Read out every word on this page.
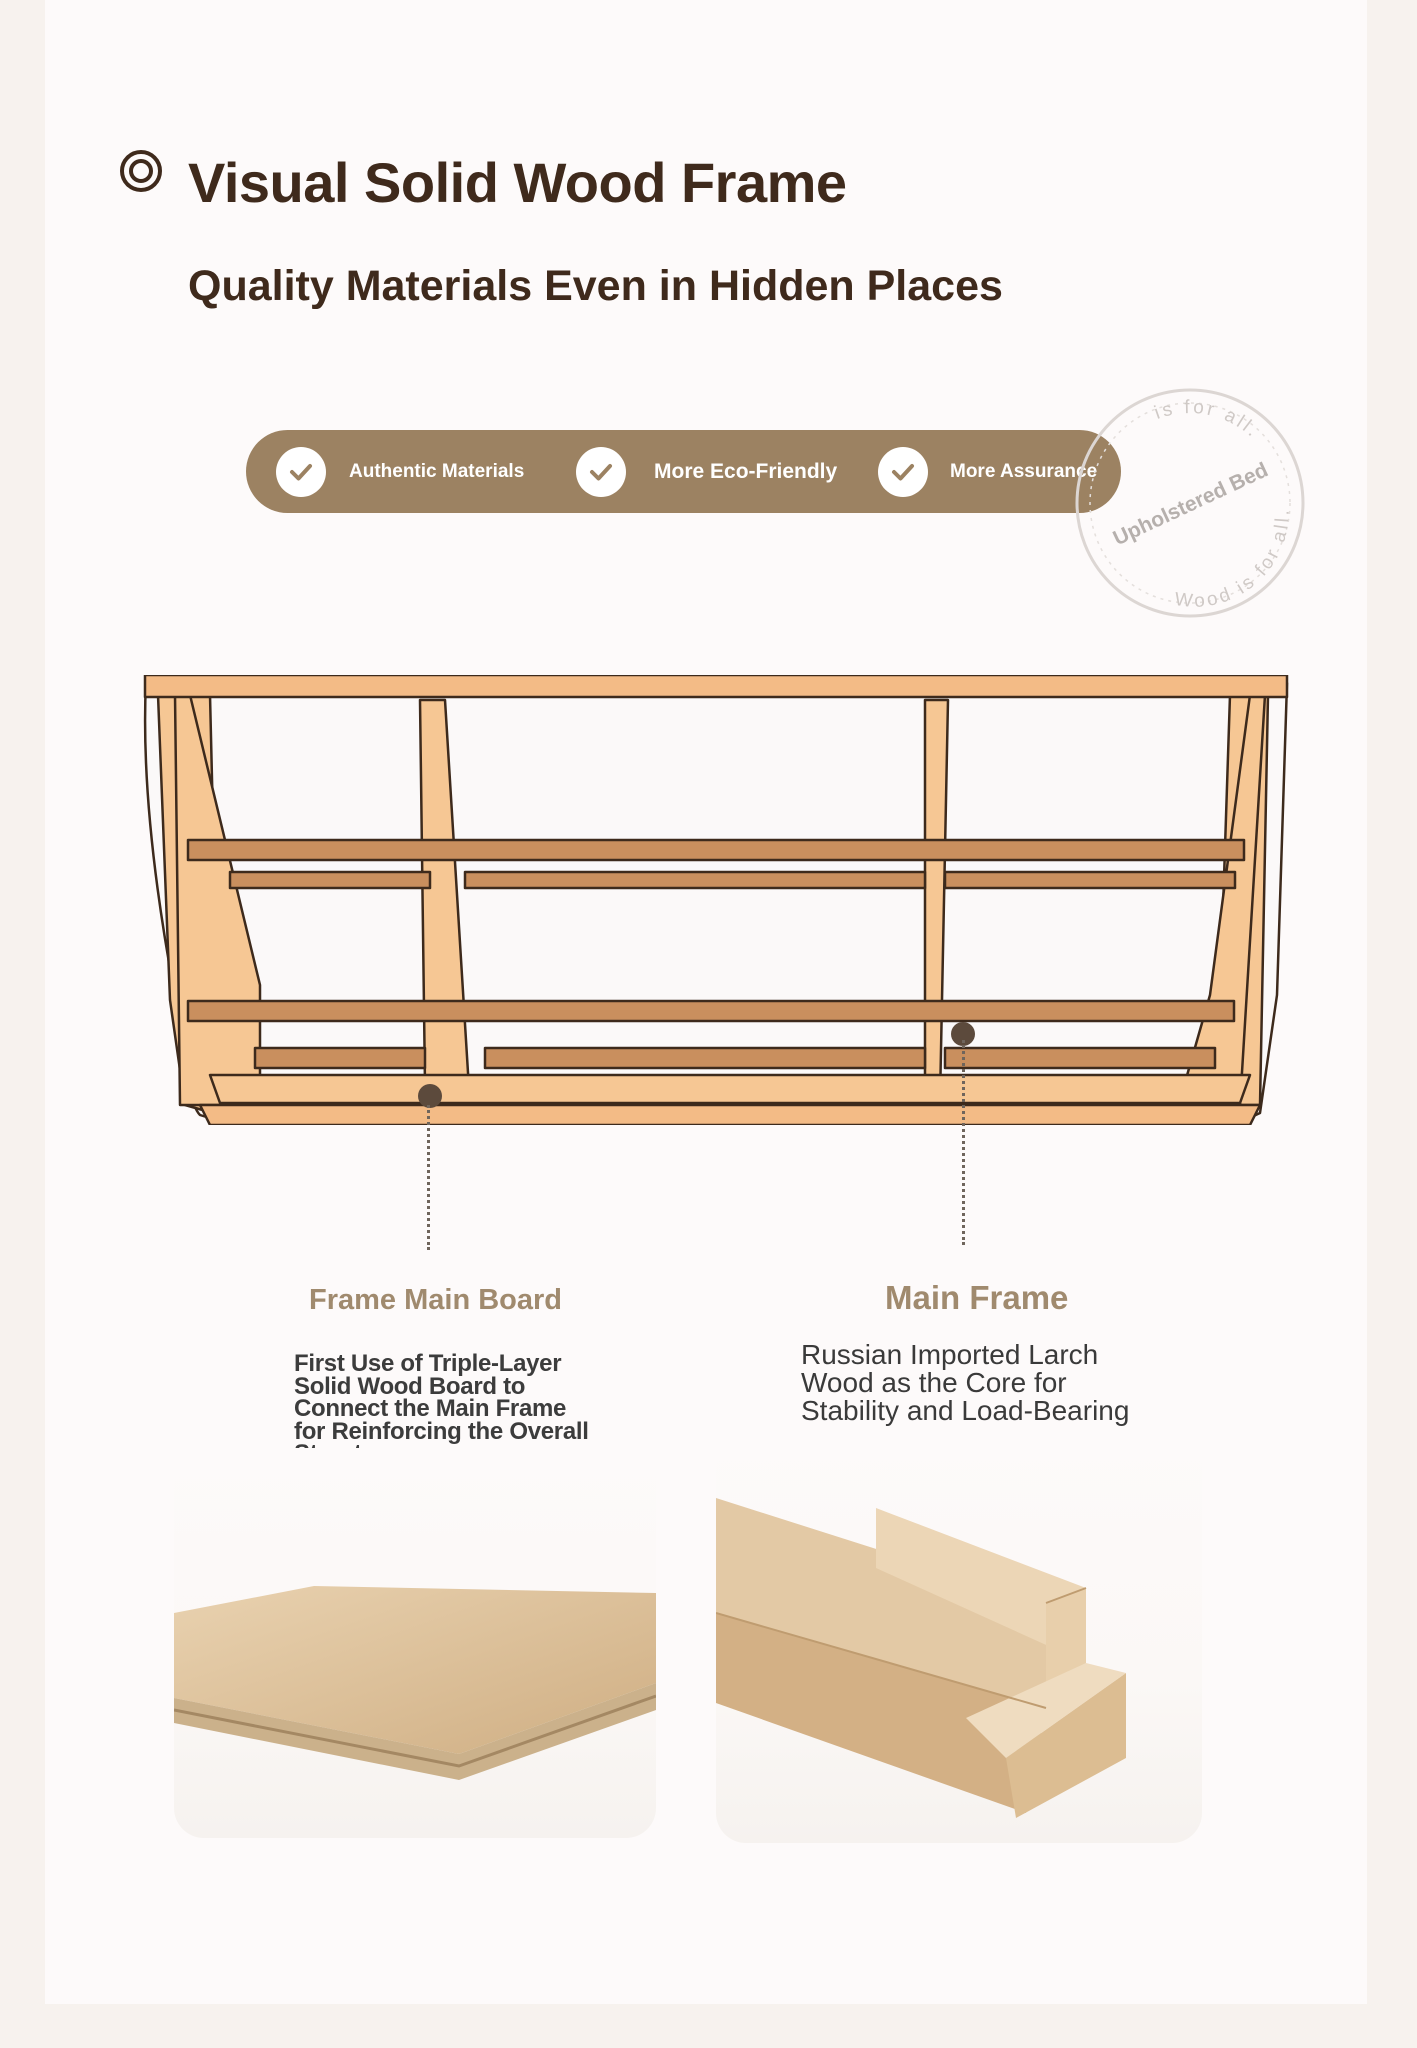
Visual Solid Wood Frame
Quality Materials Even in Hidden Places
Authentic Materials	More Eco-Friendly	More Assurance
is for all.
Wood is for all.
Upholstered Bed

Frame Main Board	Main Frame

First Use of Triple-Layer Solid Wood Board to Connect the Main Frame for Reinforcing the Overall

Russian Imported Larch Wood as the Core for Stability and Load-Bearing
